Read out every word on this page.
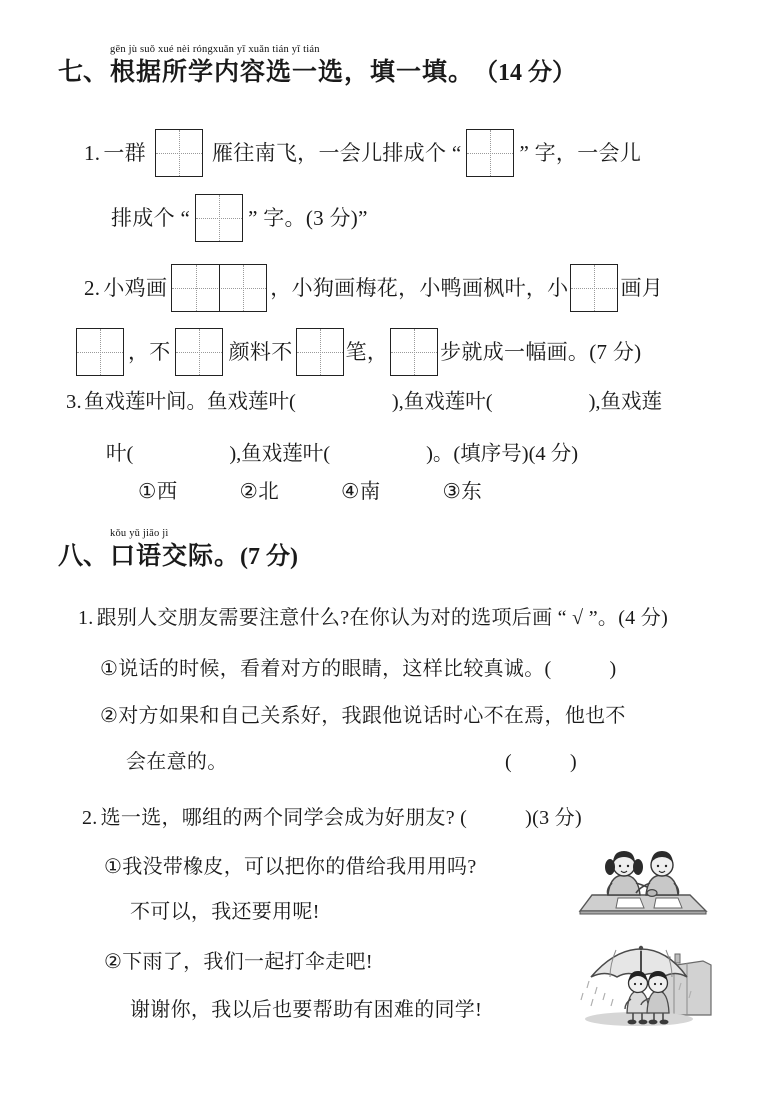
七、
gēn jù suǒ xué nèi róngxuǎn yī xuǎn tián yī tián
根据所学内容选一选，填一填。 （14 分）
1. 一群	雁往南飞，一会儿排成个 “	” 字，一会儿
排成个 “	” 字。(3 分)”
2. 小鸡画	，小狗画梅花，小鸭画枫叶，小 画月
，不	颜料不	笔， 步就成一幅画。(7 分)
3. 鱼戏莲叶间。鱼戏莲叶(	),鱼戏莲叶(	),鱼戏莲
叶(	),鱼戏莲叶(	)。(填序号)(4 分)
① 西	② 北	④ 南	③ 东
八、
kǒu yǔ jiāo jì
口语交际。 (7 分)
1. 跟别人交朋友需要注意什么?在你认为对的选项后画 “ √ ”。(4 分)
① 说话的时候，看着对方的眼睛，这样比较真诚。(	)
② 对方如果和自己关系好，我跟他说话时心不在焉，他也不
会在意的。	(	)
2. 选一选，哪组的两个同学会成为好朋友? (	)(3 分)
① 我没带橡皮，可以把你的借给我用用吗?
不可以，我还要用呢!
② 下雨了，我们一起打伞走吧!
谢谢你，我以后也要帮助有困难的同学!
